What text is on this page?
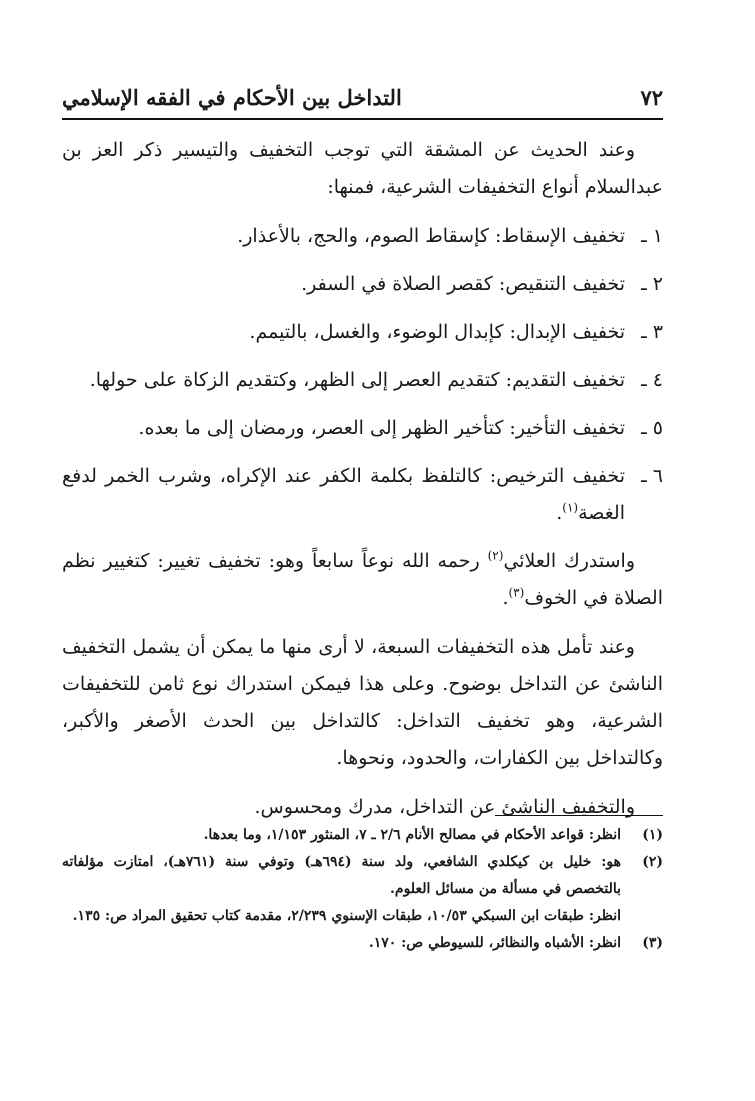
٧٢
التداخل بين الأحكام في الفقه الإسلامي

وعند الحديث عن المشقة التي توجب التخفيف والتيسير ذكر العز بن عبدالسلام أنواع التخفيفات الشرعية، فمنها:

١ ـ
تخفيف الإسقاط: كإسقاط الصوم، والحج، بالأعذار.
٢ ـ
تخفيف التنقيص: كقصر الصلاة في السفر.
٣ ـ
تخفيف الإبدال: كإبدال الوضوء، والغسل، بالتيمم.
٤ ـ
تخفيف التقديم: كتقديم العصر إلى الظهر، وكتقديم الزكاة على حولها.
٥ ـ
تخفيف التأخير: كتأخير الظهر إلى العصر، ورمضان إلى ما بعده.
٦ ـ
تخفيف الترخيص: كالتلفظ بكلمة الكفر عند الإكراه، وشرب الخمر لدفع الغصة$^{(١)}$.

واستدرك العلائي$^{(٢)}$ رحمه الله نوعاً سابعاً وهو: تخفيف تغيير: كتغيير نظم الصلاة في الخوف$^{(٣)}$.

وعند تأمل هذه التخفيفات السبعة، لا أرى منها ما يمكن أن يشمل التخفيف الناشئ عن التداخل بوضوح. وعلى هذا فيمكن استدراك نوع ثامن للتخفيفات الشرعية، وهو تخفيف التداخل: كالتداخل بين الحدث الأصغر والأكبر، وكالتداخل بين الكفارات، والحدود، ونحوها.

والتخفيف الناشئ عن التداخل، مدرك ومحسوس.

(١)
انظر: قواعد الأحكام في مصالح الأنام ٢/٦ ـ ٧، المنثور ١/١٥٣، وما بعدها.
(٢)
هو: خليل بن كيكلدي الشافعي، ولد سنة (٦٩٤هـ) وتوفي سنة (٧٦١هـ)، امتازت مؤلفاته بالتخصص في مسألة من مسائل العلوم.
انظر: طبقات ابن السبكي ١٠/٥٣، طبقات الإسنوي ٢/٢٣٩، مقدمة كتاب تحقيق المراد ص: ١٣٥.
(٣)
انظر: الأشباه والنظائر، للسيوطي ص: ١٧٠.
